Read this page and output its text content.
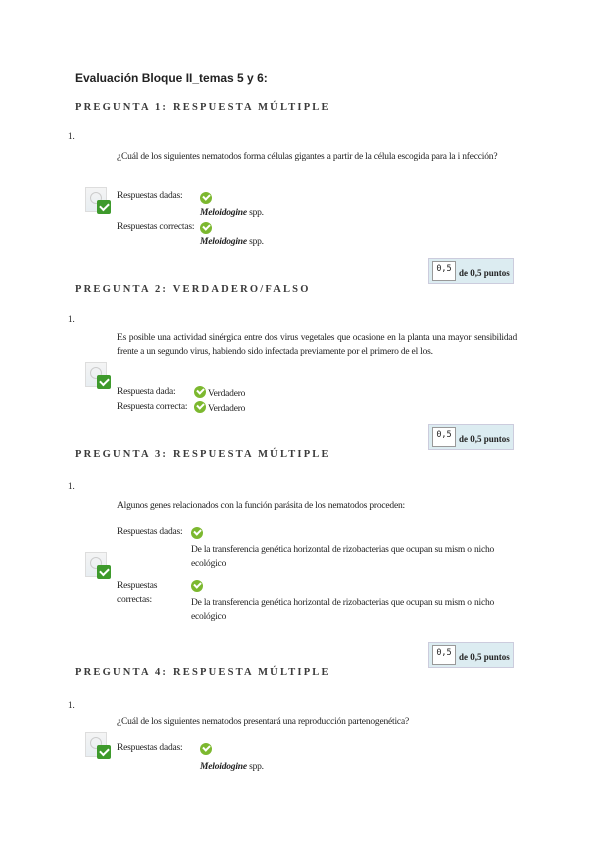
Evaluación Bloque II_temas 5 y 6:
PREGUNTA 1: RESPUESTA MÚLTIPLE
1.
¿Cuál de los siguientes nematodos forma células gigantes a partir de la célula escogida para la i nfección?
Respuestas dadas:
Meloidogine spp.
Respuestas correctas:
Meloidogine spp.
0,5 de 0,5 puntos
PREGUNTA 2: VERDADERO/FALSO
1.
Es posible una actividad sinérgica entre dos virus vegetales que ocasione en la planta una mayor sensibilidad frente a un segundo virus, habiendo sido infectada previamente por el primero de el los.
Respuesta dada:	Verdadero
Respuesta correcta: Verdadero
0,5 de 0,5 puntos
PREGUNTA 3: RESPUESTA MÚLTIPLE
1.
Algunos genes relacionados con la función parásita de los nematodos proceden:
Respuestas dadas:
De la transferencia genética horizontal de rizobacterias que ocupan su mism o nicho ecológico
Respuestas correctas:	De la transferencia genética horizontal de rizobacterias que ocupan su mism o nicho ecológico
0,5 de 0,5 puntos
PREGUNTA 4: RESPUESTA MÚLTIPLE
1.
¿Cuál de los siguientes nematodos presentará una reproducción partenogenética?
Respuestas dadas:
Meloidogine spp.
